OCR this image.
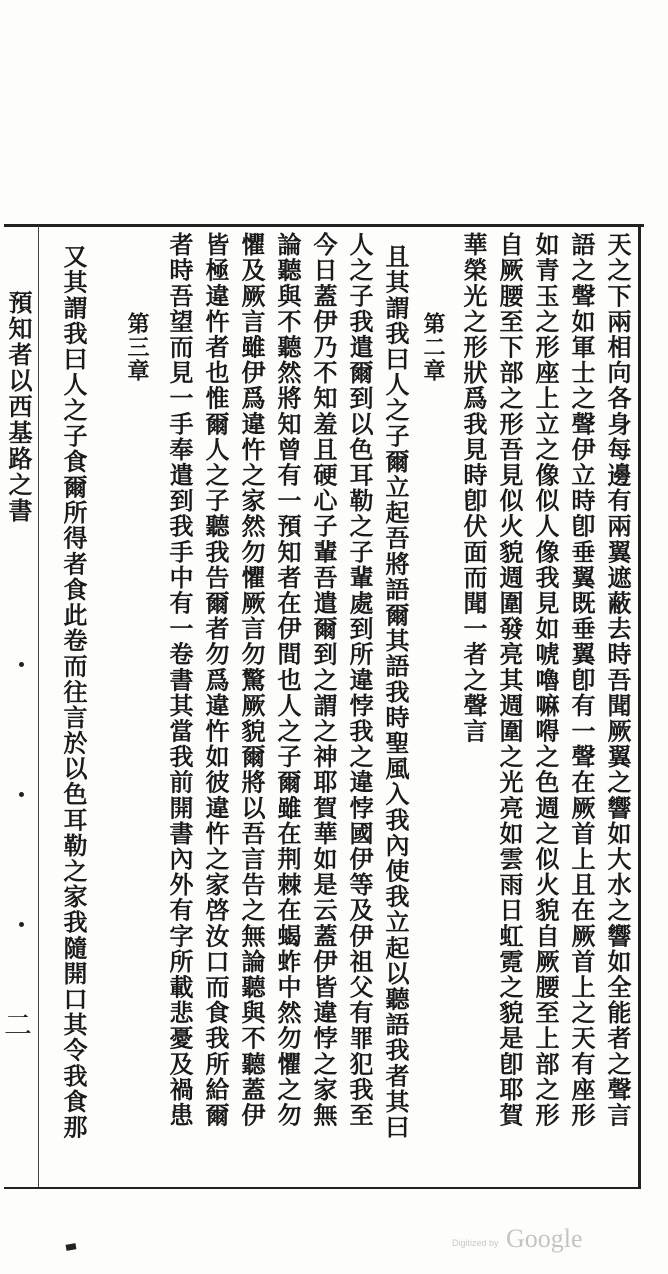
天之下兩相向各身每邊有兩翼遮蔽去時吾聞厥翼之響如大水之響如全能者之聲言
語之聲如軍士之聲伊立時卽垂翼既垂翼卽有一聲在厥首上且在厥首上之天有座形
如青玉之形座上立之像似人像我見如唬嚕嘛嘚之色週之似火貌自厥腰至上部之形
自厥腰至下部之形吾見似火貌週圍發亮其週圍之光亮如雲雨日虹霓之貌是卽耶賀
華榮光之形狀爲我見時卽伏面而聞一者之聲言
第二章
且其謂我曰人之子爾立起吾將語爾其語我時聖風入我內使我立起以聽語我者其曰
人之子我遣爾到以色耳勒之子輩處到所違悖我之違悖國伊等及伊祖父有罪犯我至
今日蓋伊乃不知羞且硬心子輩吾遣爾到之謂之神耶賀華如是云蓋伊皆違悖之家無
論聽與不聽然將知曾有一預知者在伊間也人之子爾雖在荆棘在蝎蚱中然勿懼之勿
懼及厥言雖伊爲違忤之家然勿懼厥言勿驚厥貌爾將以吾言告之無論聽與不聽蓋伊
皆極違忤者也惟爾人之子聽我告爾者勿爲違忤如彼違忤之家啓汝口而食我所給爾
者時吾望而見一手奉遣到我手中有一卷書其當我前開書內外有字所載悲憂及禍患
第三章
又其謂我曰人之子食爾所得者食此卷而往言於以色耳勒之家我隨開口其令我食那
預知者以西基路之書
二
Digitized by Google
